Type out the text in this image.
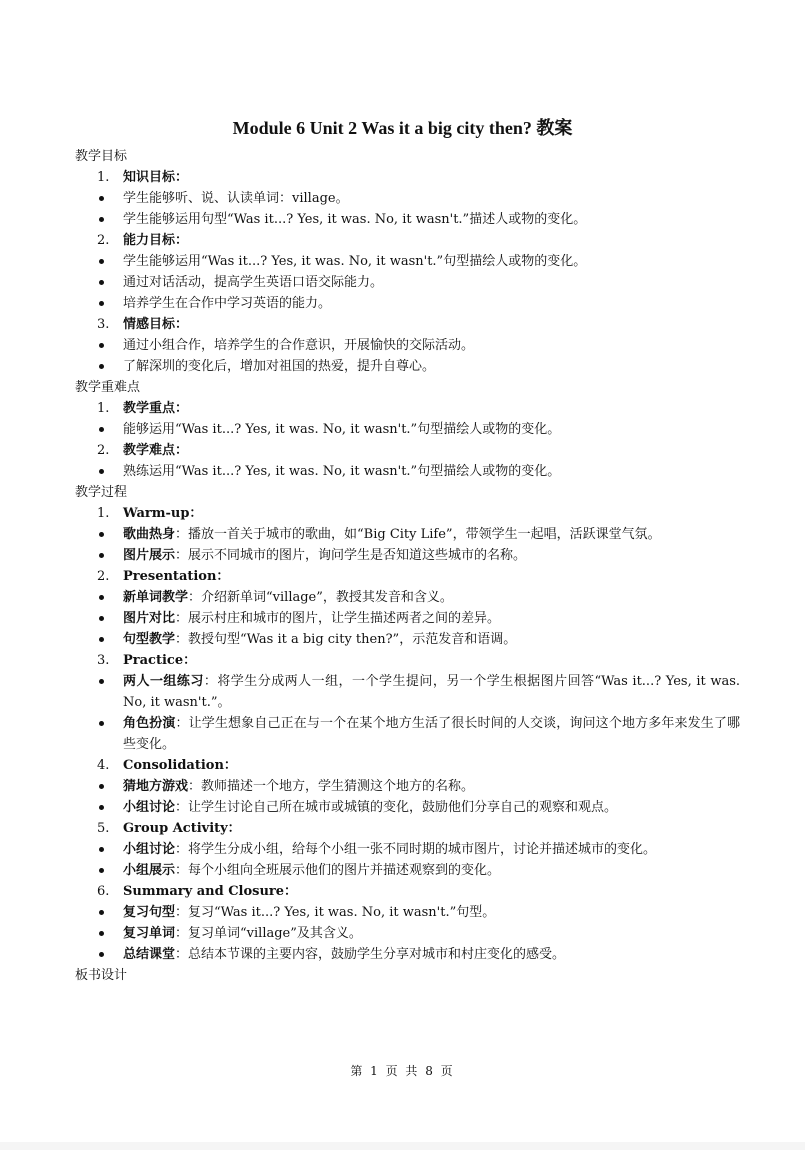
Module 6 Unit 2 Was it a big city then? 教案
教学目标
1. 知识目标：
学生能够听、说、认读单词：village。
学生能够运用句型“Was it...? Yes, it was. No, it wasn't.”描述人或物的变化。
2. 能力目标：
学生能够运用“Was it...? Yes, it was. No, it wasn't.”句型描绘人或物的变化。
通过对话活动，提高学生英语口语交际能力。
培养学生在合作中学习英语的能力。
3. 情感目标：
通过小组合作，培养学生的合作意识，开展愉快的交际活动。
了解深圳的变化后，增加对祖国的热爱，提升自尊心。
教学重难点
1. 教学重点：
能够运用“Was it...? Yes, it was. No, it wasn't.”句型描绘人或物的变化。
2. 教学难点：
熟练运用“Was it...? Yes, it was. No, it wasn't.”句型描绘人或物的变化。
教学过程
1. Warm-up：
歌曲热身：播放一首关于城市的歌曲，如“Big City Life”，带领学生一起唱，活跃课堂气氛。
图片展示：展示不同城市的图片，询问学生是否知道这些城市的名称。
2. Presentation：
新单词教学：介绍新单词“village”，教授其发音和含义。
图片对比：展示村庄和城市的图片，让学生描述两者之间的差异。
句型教学：教授句型“Was it a big city then?”，示范发音和语调。
3. Practice：
两人一组练习：将学生分成两人一组，一个学生提问，另一个学生根据图片回答“Was it...? Yes, it was. No, it wasn't.”。
角色扮演：让学生想象自己正在与一个在某个地方生活了很长时间的人交谈，询问这个地方多年来发生了哪些变化。
4. Consolidation：
猜地方游戏：教师描述一个地方，学生猜测这个地方的名称。
小组讨论：让学生讨论自己所在城市或城镇的变化，鼓励他们分享自己的观察和观点。
5. Group Activity：
小组讨论：将学生分成小组，给每个小组一张不同时期的城市图片，讨论并描述城市的变化。
小组展示：每个小组向全班展示他们的图片并描述观察到的变化。
6. Summary and Closure：
复习句型：复习“Was it...? Yes, it was. No, it wasn't.”句型。
复习单词：复习单词“village”及其含义。
总结课堂：总结本节课的主要内容，鼓励学生分享对城市和村庄变化的感受。
板书设计
第 1 页 共 8 页
